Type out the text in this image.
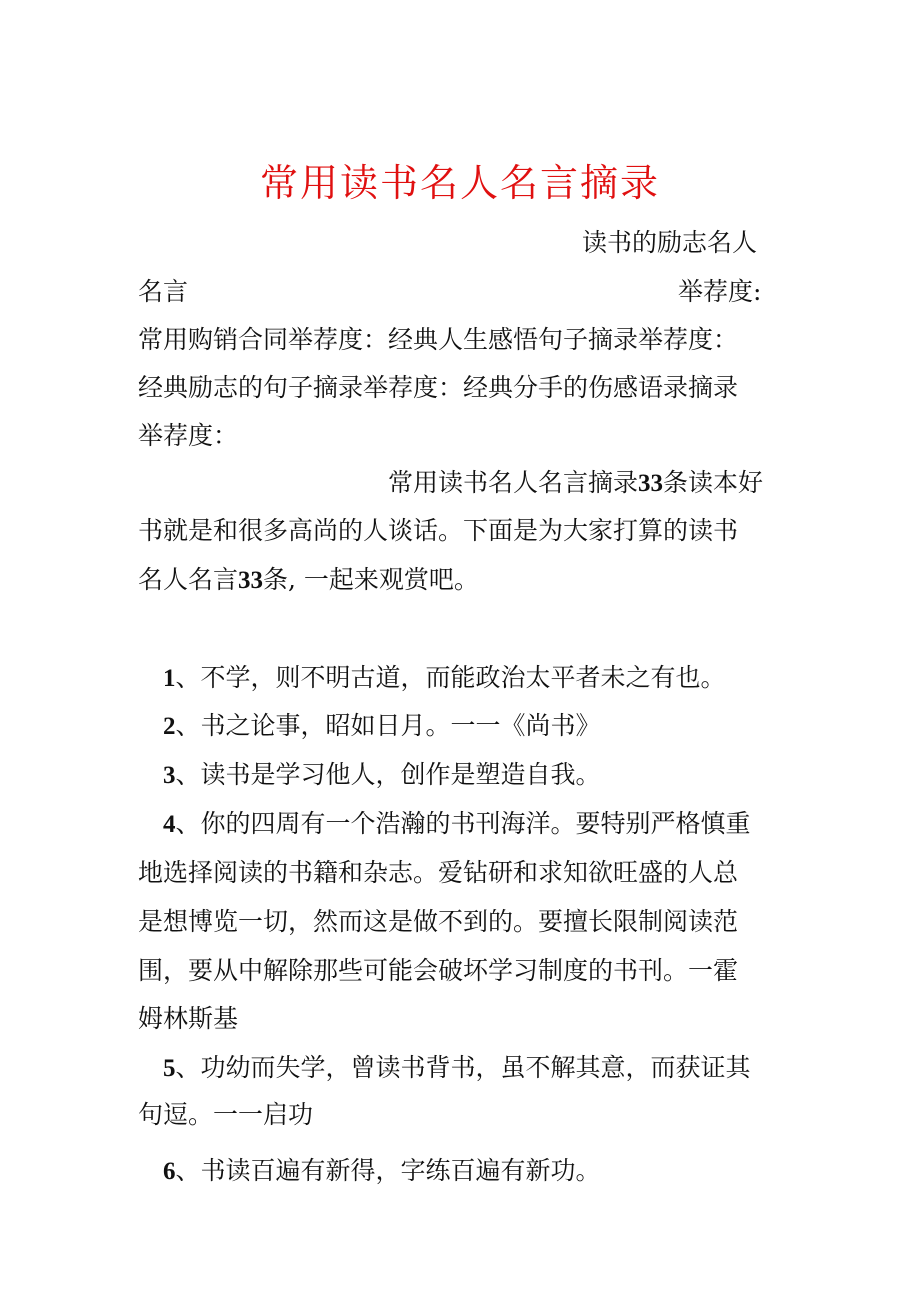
常用读书名人名言摘录
读书的励志名人
名言	举荐度:
常用购销合同举荐度：经典人生感悟句子摘录举荐度：
经典励志的句子摘录举荐度：经典分手的伤感语录摘录
举荐度：
常用读书名人名言摘录33条读本好
书就是和很多高尚的人谈话。下面是为大家打算的读书
名人名言33条, 一起来观赏吧。
1、不学，则不明古道，而能政治太平者未之有也。
2、书之论事，昭如日月。一一《尚书》
3、读书是学习他人，创作是塑造自我。
4、你的四周有一个浩瀚的书刊海洋。要特别严格慎重
地选择阅读的书籍和杂志。爱钻研和求知欲旺盛的人总
是想博览一切，然而这是做不到的。要擅长限制阅读范
围，要从中解除那些可能会破坏学习制度的书刊。一霍
姆林斯基
5、功幼而失学，曾读书背书，虽不解其意，而获证其
句逗。一一启功
6、书读百遍有新得，字练百遍有新功。
